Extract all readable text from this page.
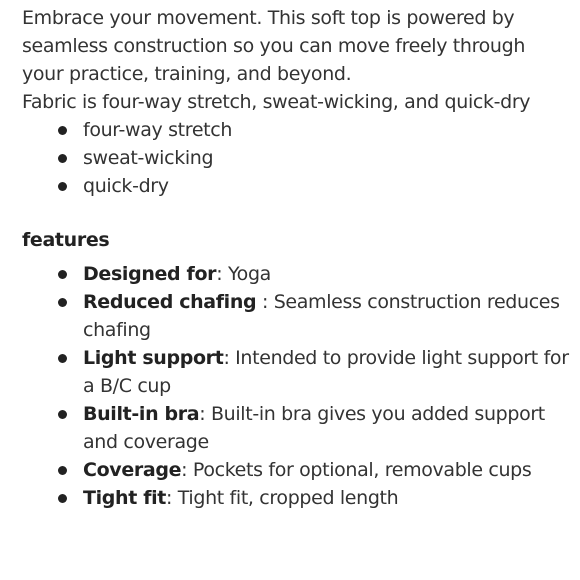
Embrace your movement. This soft top is powered by seamless construction so you can move freely through your practice, training, and beyond.

Fabric is four-way stretch, sweat-wicking, and quick-dry

four-way stretch
sweat-wicking
quick-dry

features

Designed for: Yoga
Reduced chafing : Seamless construction reduces chafing
Light support: Intended to provide light support for a B/C cup
Built-in bra: Built-in bra gives you added support and coverage
Coverage: Pockets for optional, removable cups
Tight fit: Tight fit, cropped length
